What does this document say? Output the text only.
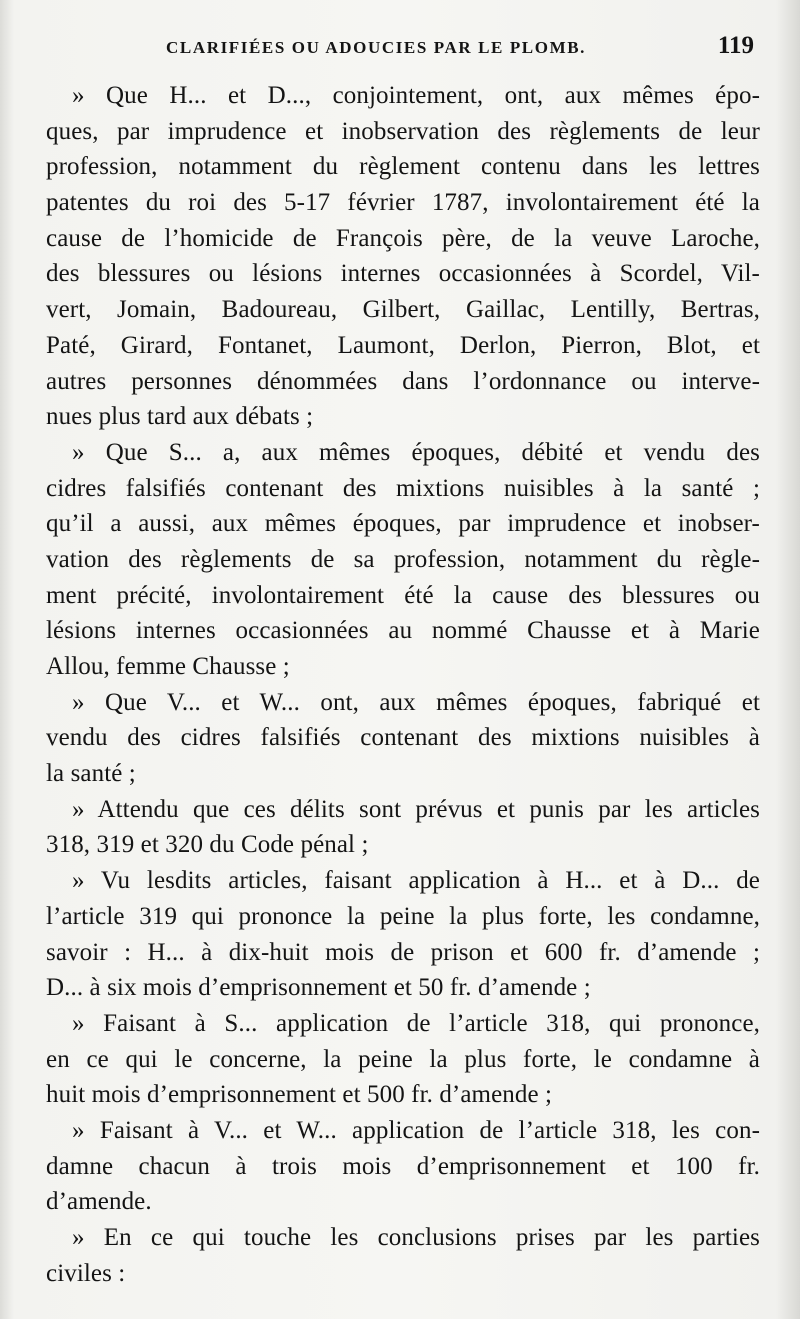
CLARIFIÉES OU ADOUCIES PAR LE PLOMB.	119
» Que H... et D..., conjointement, ont, aux mêmes épo-
ques, par imprudence et inobservation des règlements de leur
profession, notamment du règlement contenu dans les lettres
patentes du roi des 5-17 février 1787, involontairement été la
cause de l’homicide de François père, de la veuve Laroche,
des blessures ou lésions internes occasionnées à Scordel, Vil-
vert, Jomain, Badoureau, Gilbert, Gaillac, Lentilly, Bertras,
Paté, Girard, Fontanet, Laumont, Derlon, Pierron, Blot, et
autres personnes dénommées dans l’ordonnance ou interve-
nues plus tard aux débats ;
» Que S... a, aux mêmes époques, débité et vendu des
cidres falsifiés contenant des mixtions nuisibles à la santé ;
qu’il a aussi, aux mêmes époques, par imprudence et inobser-
vation des règlements de sa profession, notamment du règle-
ment précité, involontairement été la cause des blessures ou
lésions internes occasionnées au nommé Chausse et à Marie
Allou, femme Chausse ;
» Que V... et W... ont, aux mêmes époques, fabriqué et
vendu des cidres falsifiés contenant des mixtions nuisibles à
la santé ;
» Attendu que ces délits sont prévus et punis par les articles
318, 319 et 320 du Code pénal ;
» Vu lesdits articles, faisant application à H... et à D... de
l’article 319 qui prononce la peine la plus forte, les condamne,
savoir : H... à dix-huit mois de prison et 600 fr. d’amende ;
D... à six mois d’emprisonnement et 50 fr. d’amende ;
» Faisant à S... application de l’article 318, qui prononce,
en ce qui le concerne, la peine la plus forte, le condamne à
huit mois d’emprisonnement et 500 fr. d’amende ;
» Faisant à V... et W... application de l’article 318, les con-
damne chacun à trois mois d’emprisonnement et 100 fr.
d’amende.
» En ce qui touche les conclusions prises par les parties
civiles :
